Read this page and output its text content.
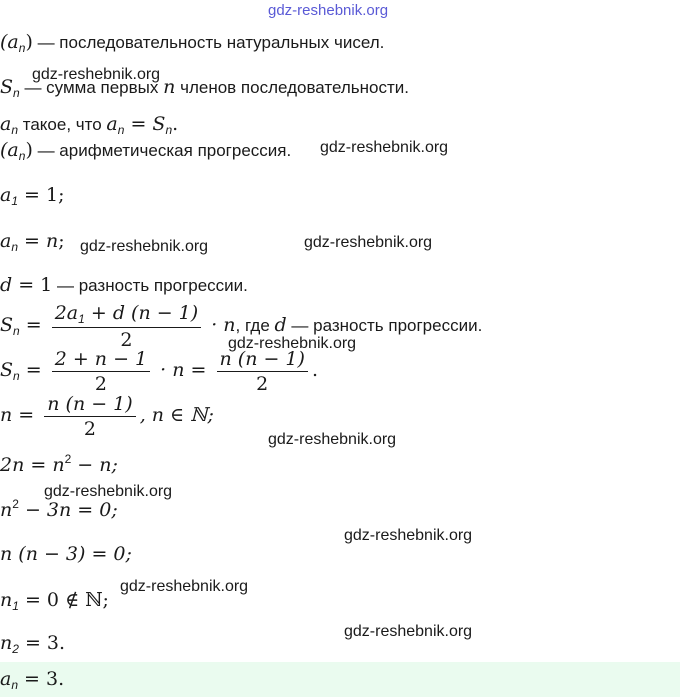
$(a_n)$ — последовательность натуральных чисел.
$S_n$ — сумма первых n членов последовательности.
$a_n$ такое, что $a_n = S_n$.
$(a_n)$ — арифметическая прогрессия.
$a_1 = 1$;
$a_n = n$;
d = 1 — разность прогрессии.
$S_n = \frac{2a_1 + d (n - 1)}{2} \cdot n$, где d — разность прогрессии.
$S_n = \frac{2 + n - 1}{2} \cdot n = \frac{n (n - 1)}{2}$ .
$n = \frac{n (n - 1)}{2}$ , n ∈ ℕ;
$2n = n^2 - n$;
$n^2 - 3n = 0$;
n (n − 3) = 0;
$n_1 = 0$ ∉ ℕ;
$n_2 = 3$.
$a_n = 3$.
gdz-reshebnik.org
gdz-reshebnik.org
gdz-reshebnik.org
gdz-reshebnik.org	gdz-reshebnik.org
gdz-reshebnik.org
gdz-reshebnik.org
gdz-reshebnik.org
gdz-reshebnik.org
gdz-reshebnik.org
gdz-reshebnik.org
